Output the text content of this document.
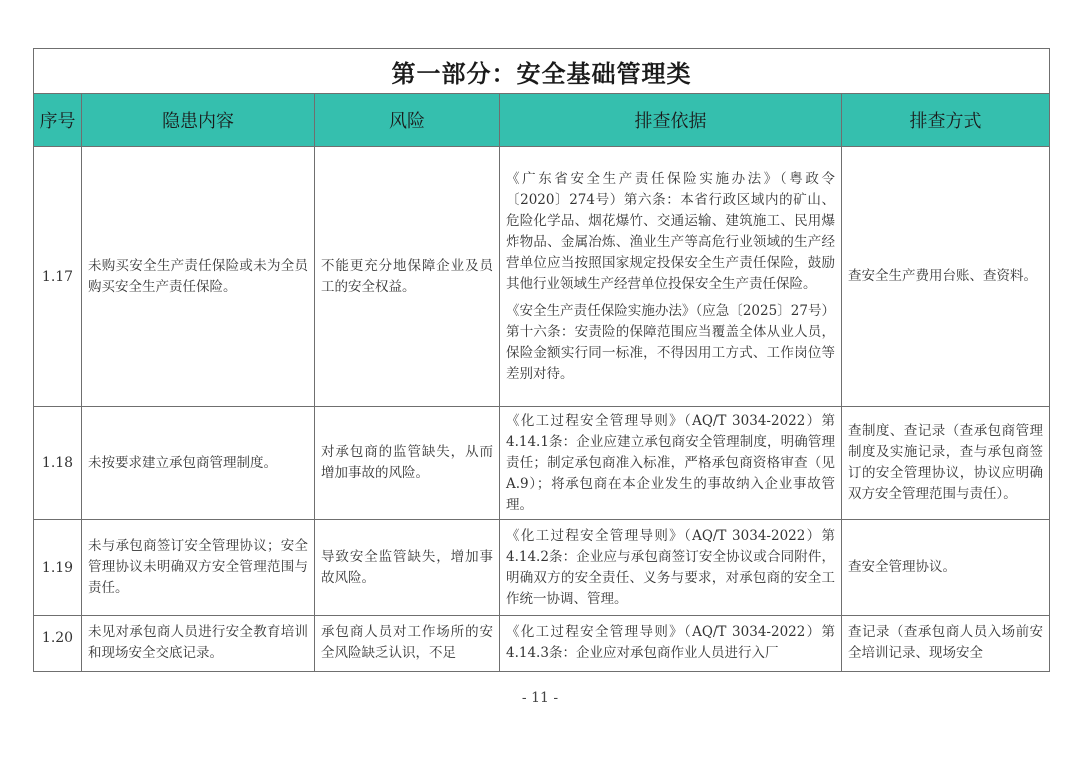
第一部分：安全基础管理类				
序号	隐患内容	风险	排查依据	排查方式
1.17	未购买安全生产责任保险或未为全员购买安全生产责任保险。	不能更充分地保障企业及员工的安全权益。	《广东省安全生产责任保险实施办法》（粤政令〔2020〕274号）第六条：本省行政区域内的矿山、危险化学品、烟花爆竹、交通运输、建筑施工、民用爆炸物品、金属冶炼、渔业生产等高危行业领域的生产经营单位应当按照国家规定投保安全生产责任保险，鼓励其他行业领域生产经营单位投保安全生产责任保险。

《安全生产责任保险实施办法》（应急〔2025〕27号）第十六条：安责险的保障范围应当覆盖全体从业人员，保险金额实行同一标准，不得因用工方式、工作岗位等差别对待。	查安全生产费用台账、查资料。
1.18	未按要求建立承包商管理制度。	对承包商的监管缺失，从而增加事故的风险。	《化工过程安全管理导则》（AQ/T 3034-2022）第4.14.1条：企业应建立承包商安全管理制度，明确管理责任；制定承包商准入标准，严格承包商资格审查（见A.9）；将承包商在本企业发生的事故纳入企业事故管理。	查制度、查记录（查承包商管理制度及实施记录，查与承包商签订的安全管理协议，协议应明确双方安全管理范围与责任）。
1.19	未与承包商签订安全管理协议；安全管理协议未明确双方安全管理范围与责任。	导致安全监管缺失，增加事故风险。	《化工过程安全管理导则》（AQ/T 3034-2022）第4.14.2条：企业应与承包商签订安全协议或合同附件，明确双方的安全责任、义务与要求，对承包商的安全工作统一协调、管理。	查安全管理协议。
1.20	未见对承包商人员进行安全教育培训和现场安全交底记录。	承包商人员对工作场所的安全风险缺乏认识，不足	《化工过程安全管理导则》（AQ/T 3034-2022）第4.14.3条：企业应对承包商作业人员进行入厂	查记录（查承包商人员入场前安全培训记录、现场安全
- 11 -
